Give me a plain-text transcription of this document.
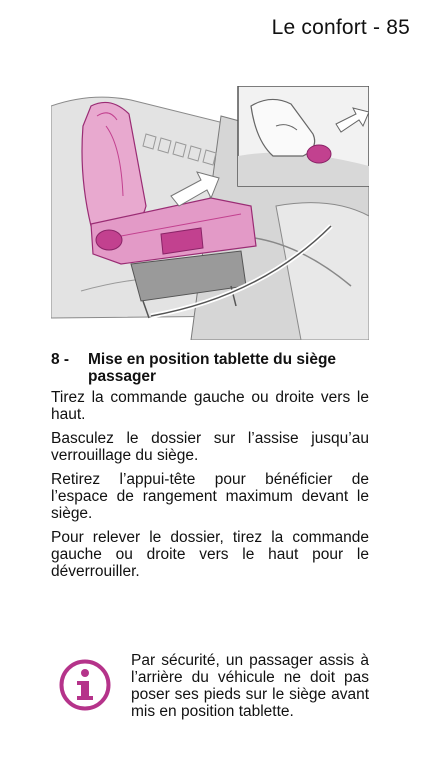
Le confort - 85
8 - Mise en position tablette du siège passager

Tirez la commande gauche ou droite vers le haut.

Basculez le dossier sur l’assise jusqu’au verrouillage du siège.

Retirez l’appui-tête pour bénéficier de l’espace de rangement maximum devant le siège.

Pour relever le dossier, tirez la commande gauche ou droite vers le haut pour le déverrouiller.

Par sécurité, un passager assis à l’arrière du véhicule ne doit pas poser ses pieds sur le siège avant mis en position tablette.
